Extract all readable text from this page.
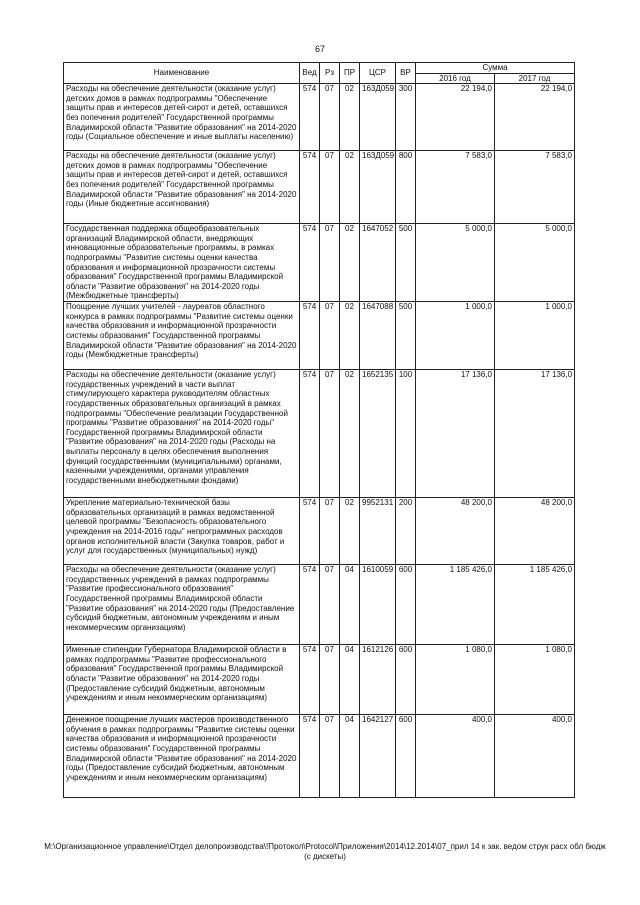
67
Наименование	Вед	Рз	ПР	ЦСР	ВР	Сумма	
						2016 год	2017 год
Расходы на обеспечение деятельности (оказание услуг) детских домов в рамках подпрограммы "Обеспечение защиты прав и интересов детей-сирот и детей, оставшихся без попечения родителей" Государственной программы Владимирской области "Развитие образования" на 2014-2020 годы (Социальное обеспечение и иные выплаты населению)	574	07	02	163Д059	300	22 194,0	22 194,0
Расходы на обеспечение деятельности (оказание услуг) детских домов в рамках подпрограммы "Обеспечение защиты прав и интересов детей-сирот и детей, оставшихся без попечения родителей" Государственной программы Владимирской области "Развитие образования" на 2014-2020 годы (Иные бюджетные ассигнования)	574	07	02	163Д059	800	7 583,0	7 583,0
Государственная поддержка общеобразовательных организаций Владимирской области, внедряющих инновационные образовательные программы, в рамках подпрограммы "Развитие системы оценки качества образования и информационной прозрачности системы образования" Государственной программы Владимирской области "Развитие образования" на 2014-2020 годы (Межбюджетные трансферты)	574	07	02	1647052	500	5 000,0	5 000,0
Поощрение лучших учителей - лауреатов областного конкурса в рамках подпрограммы "Развитие системы оценки качества образования и информационной прозрачности системы образования" Государственной программы Владимирской области "Развитие образования" на 2014-2020 годы (Межбюджетные трансферты)	574	07	02	1647088	500	1 000,0	1 000,0
Расходы на обеспечение деятельности (оказание услуг) государственных учреждений в части выплат стимулирующего характера руководителям областных государственных образовательных организаций в рамках подпрограммы "Обеспечение реализации Государственной программы "Развитие образования" на 2014-2020 годы" Государственной программы Владимирской области "Развитие образования" на 2014-2020 годы (Расходы на выплаты персоналу в целях обеспечения выполнения функций государственными (муниципальными) органами, казенными учреждениями, органами управления государственными внебюджетными фондами)	574	07	02	1652135	100	17 136,0	17 136,0
Укрепление материально-технической базы образовательных организаций в рамках ведомственной целевой программы "Безопасность образовательного учреждения на 2014-2016 годы" непрограммных расходов органов исполнительной власти (Закупка товаров, работ и услуг для государственных (муниципальных) нужд)	574	07	02	9952131	200	48 200,0	48 200,0
Расходы на обеспечение деятельности (оказание услуг) государственных учреждений в рамках подпрограммы "Развитие профессионального образования" Государственной программы Владимирской области "Развитие образования" на 2014-2020 годы (Предоставление субсидий бюджетным, автономным учреждениям и иным некоммерческим организациям)	574	07	04	1610059	600	1 185 426,0	1 185 426,0
Именные стипендии Губернатора Владимирской области в рамках подпрограммы "Развитие профессионального образования" Государственной программы Владимирской области "Развитие образования" на 2014-2020 годы (Предоставление субсидий бюджетным, автономным учреждениям и иным некоммерческим организациям)	574	07	04	1612126	600	1 080,0	1 080,0
Денежное поощрение лучших мастеров производственного обучения в рамках подпрограммы "Развитие системы оценки качества образования и информационной прозрачности системы образования" Государственной программы Владимирской области "Развитие образования" на 2014-2020 годы (Предоставление субсидий бюджетным, автономным учреждениям и иным некоммерческим организациям)	574	07	04	1642127	600	400,0	400,0
M:\Организационное управление\Отдел делопроизводства\!Протокол\Protocol\Приложения\2014\12.2014\07_прил 14 к зак. ведом струк расх обл бюдж (с дискеты)
